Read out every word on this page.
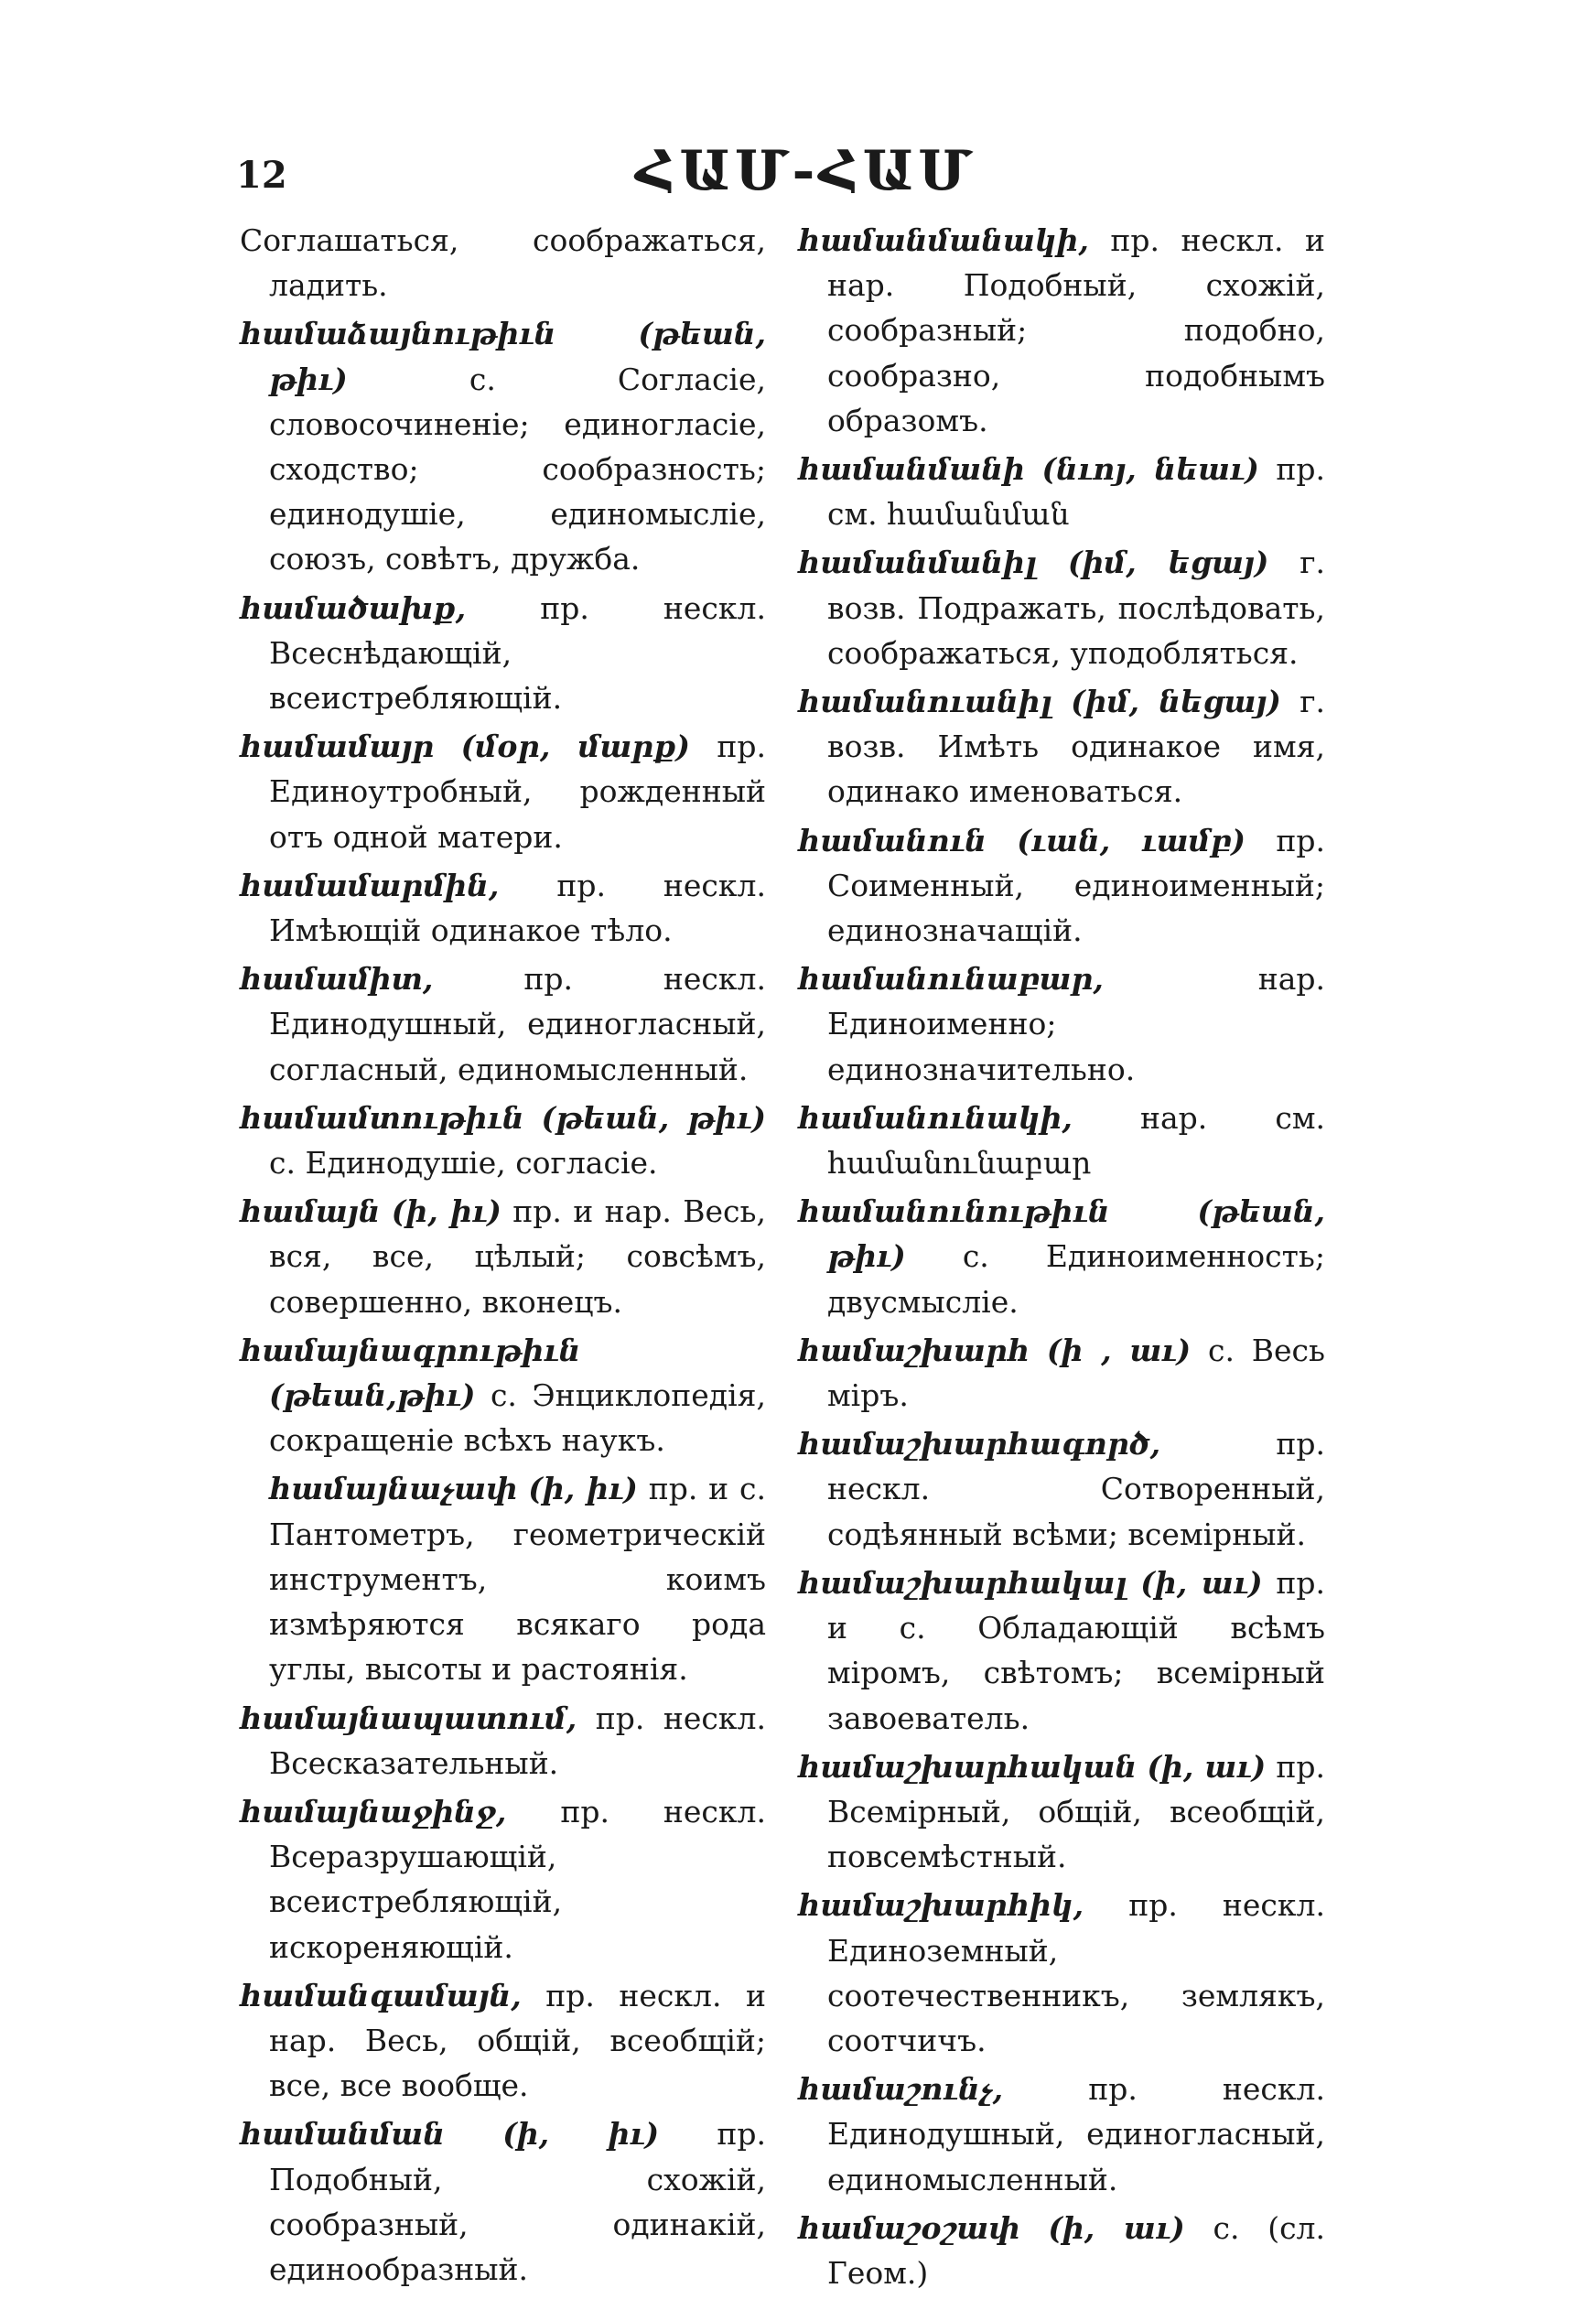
12	ՀԱՄ-ՀԱՄ
Соглашаться, соображаться, ладить.
համաձայնութիւն	(թեան, թիւ)	с. Согласіе, словосочиненіе; единогласіе, сходство; сообразность; единодушіе, единомысліе, союзъ, совѣтъ, дружба.
համածախք, пр. нескл. Всеснѣдающій, всеистребляющій.
համամայր (մօր, մարք) пр. Единоутробный, рожденный отъ одной матери.
համամարմին, пр. нескл. Имѣющій одинакое тѣло.
համամիտ,	пр. нескл. Единодушный, единогласный, согласный, единомысленный.
համամտութիւն (թեան, թիւ) с. Единодушіе, согласіе.
համայն (ի, իւ) пр. и нар. Весь, вся, все, цѣлый; совсѣмъ, совершенно, вконецъ.
համայնագրութիւն (թեան,թիւ) с. Энциклопедія, сокращеніе всѣхъ наукъ.
համայնաչափ (ի, իւ) пр. и с. Пантометръ, геометрическій инструментъ, коимъ измѣряются всякаго рода углы, высоты и растоянія.
համայնապատում, пр. нескл. Всесказательный.
համայնաջինջ, пр. нескл. Всеразрушающій, всеистребляющій, искореняющій.
համանգամայն, пр. нескл. и нар. Весь, общій, всеобщій; все, все вообще.
համանման (ի, իւ) пр. Подобный, схожій, сообразный, одинакій, единообразный.
համանմանակի, пр. нескл. и нар. Подобный, схожій, сообразный; подобно, сообразно, подобнымъ образомъ.
համանմանի (նւոյ, նեաւ) пр. см. համանման
համանմանիլ (իմ, եցայ) г. возв. Подражать, послѣдовать, соображаться, уподобляться.
համանուանիլ (իմ, նեցայ) г. возв. Имѣть одинакое имя, одинако именоваться.
համանուն (ւան, ւամբ) пр. Соименный, единоименный; единозначащій.
համանունաբար,	нар. Единоименно; единозначительно.
համանունակի, нар. см. համանունաբար
համանունութիւն	(թեան, թիւ) с. Единоименность; двусмысліе.
համաշխարհ (ի , աւ) с. Весь міръ.
համաշխարհագործ,	пр. нескл. Сотворенный, содѣянный всѣми; всемірный.
համաշխարհակալ (ի, աւ) пр. и с. Обладающій всѣмъ міромъ, свѣтомъ; всемірный завоеватель.
համաշխարհական (ի, աւ) пр. Всемірный, общій, всеобщій, повсемѣстный.
համաշխարհիկ, пр. нескл. Единоземный, соотечественникъ, землякъ, соотчичъ.
համաշունչ,	пр. нескл. Единодушный, единогласный, единомысленный.
համաշօշափ (ի, աւ) с. (сл. Геом.)
